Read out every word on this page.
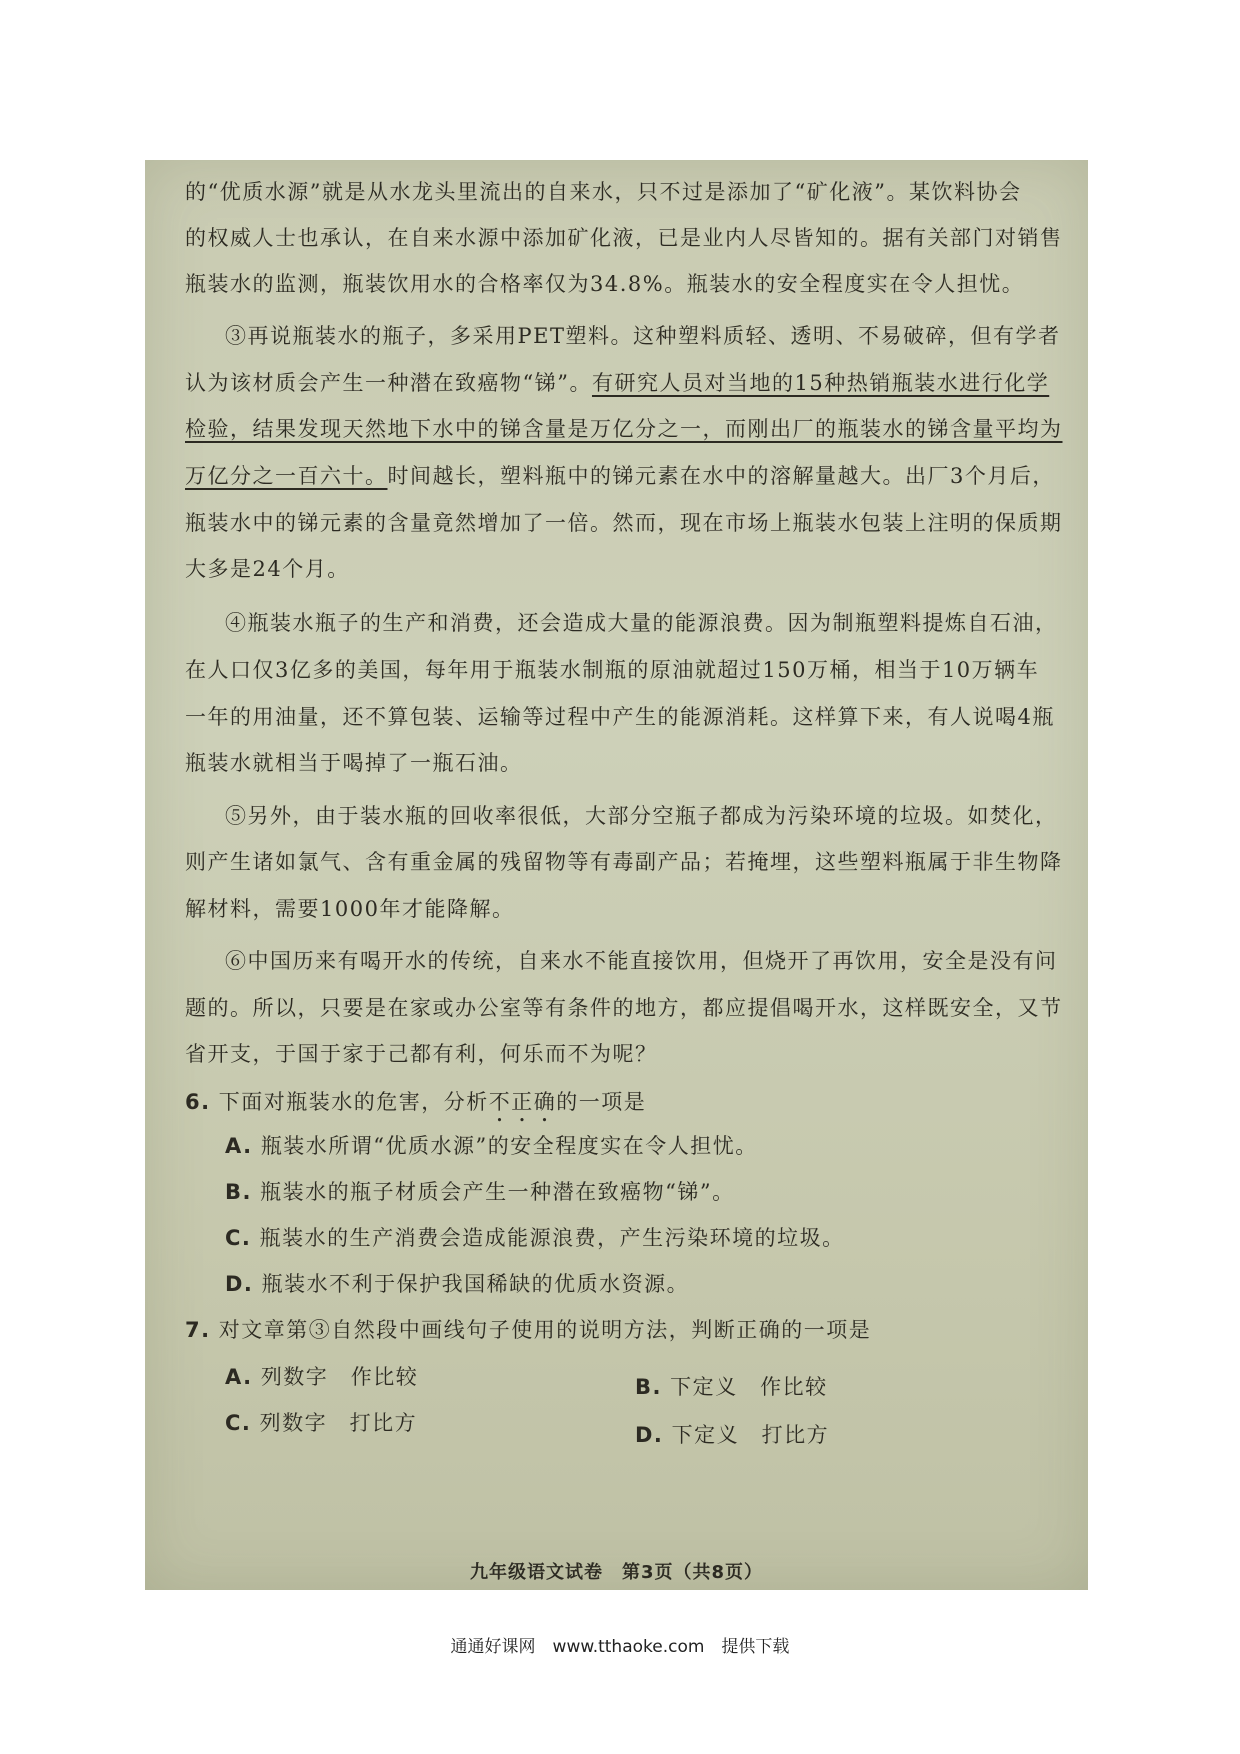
的“优质水源”就是从水龙头里流出的自来水，只不过是添加了“矿化液”。某饮料协会
的权威人士也承认，在自来水源中添加矿化液，已是业内人尽皆知的。据有关部门对销售
瓶装水的监测，瓶装饮用水的合格率仅为34.8%。瓶装水的安全程度实在令人担忧。
③再说瓶装水的瓶子，多采用PET塑料。这种塑料质轻、透明、不易破碎，但有学者
认为该材质会产生一种潜在致癌物“锑”。有研究人员对当地的15种热销瓶装水进行化学
检验，结果发现天然地下水中的锑含量是万亿分之一，而刚出厂的瓶装水的锑含量平均为
万亿分之一百六十。时间越长，塑料瓶中的锑元素在水中的溶解量越大。出厂3个月后，
瓶装水中的锑元素的含量竟然增加了一倍。然而，现在市场上瓶装水包装上注明的保质期
大多是24个月。
④瓶装水瓶子的生产和消费，还会造成大量的能源浪费。因为制瓶塑料提炼自石油，
在人口仅3亿多的美国，每年用于瓶装水制瓶的原油就超过150万桶，相当于10万辆车
一年的用油量，还不算包装、运输等过程中产生的能源消耗。这样算下来，有人说喝4瓶
瓶装水就相当于喝掉了一瓶石油。
⑤另外，由于装水瓶的回收率很低，大部分空瓶子都成为污染环境的垃圾。如焚化，
则产生诸如氯气、含有重金属的残留物等有毒副产品；若掩埋，这些塑料瓶属于非生物降
解材料，需要1000年才能降解。
⑥中国历来有喝开水的传统，自来水不能直接饮用，但烧开了再饮用，安全是没有问
题的。所以，只要是在家或办公室等有条件的地方，都应提倡喝开水，这样既安全，又节
省开支，于国于家于己都有利，何乐而不为呢？
6. 下面对瓶装水的危害，分析不正确的一项是
A. 瓶装水所谓“优质水源”的安全程度实在令人担忧。
B. 瓶装水的瓶子材质会产生一种潜在致癌物“锑”。
C. 瓶装水的生产消费会造成能源浪费，产生污染环境的垃圾。
D. 瓶装水不利于保护我国稀缺的优质水资源。
7. 对文章第③自然段中画线句子使用的说明方法，判断正确的一项是
A. 列数字　作比较	B. 下定义　作比较
C. 列数字　打比方	D. 下定义　打比方
九年级语文试卷　第3页（共8页）
通通好课网　www.tthaoke.com　提供下载
